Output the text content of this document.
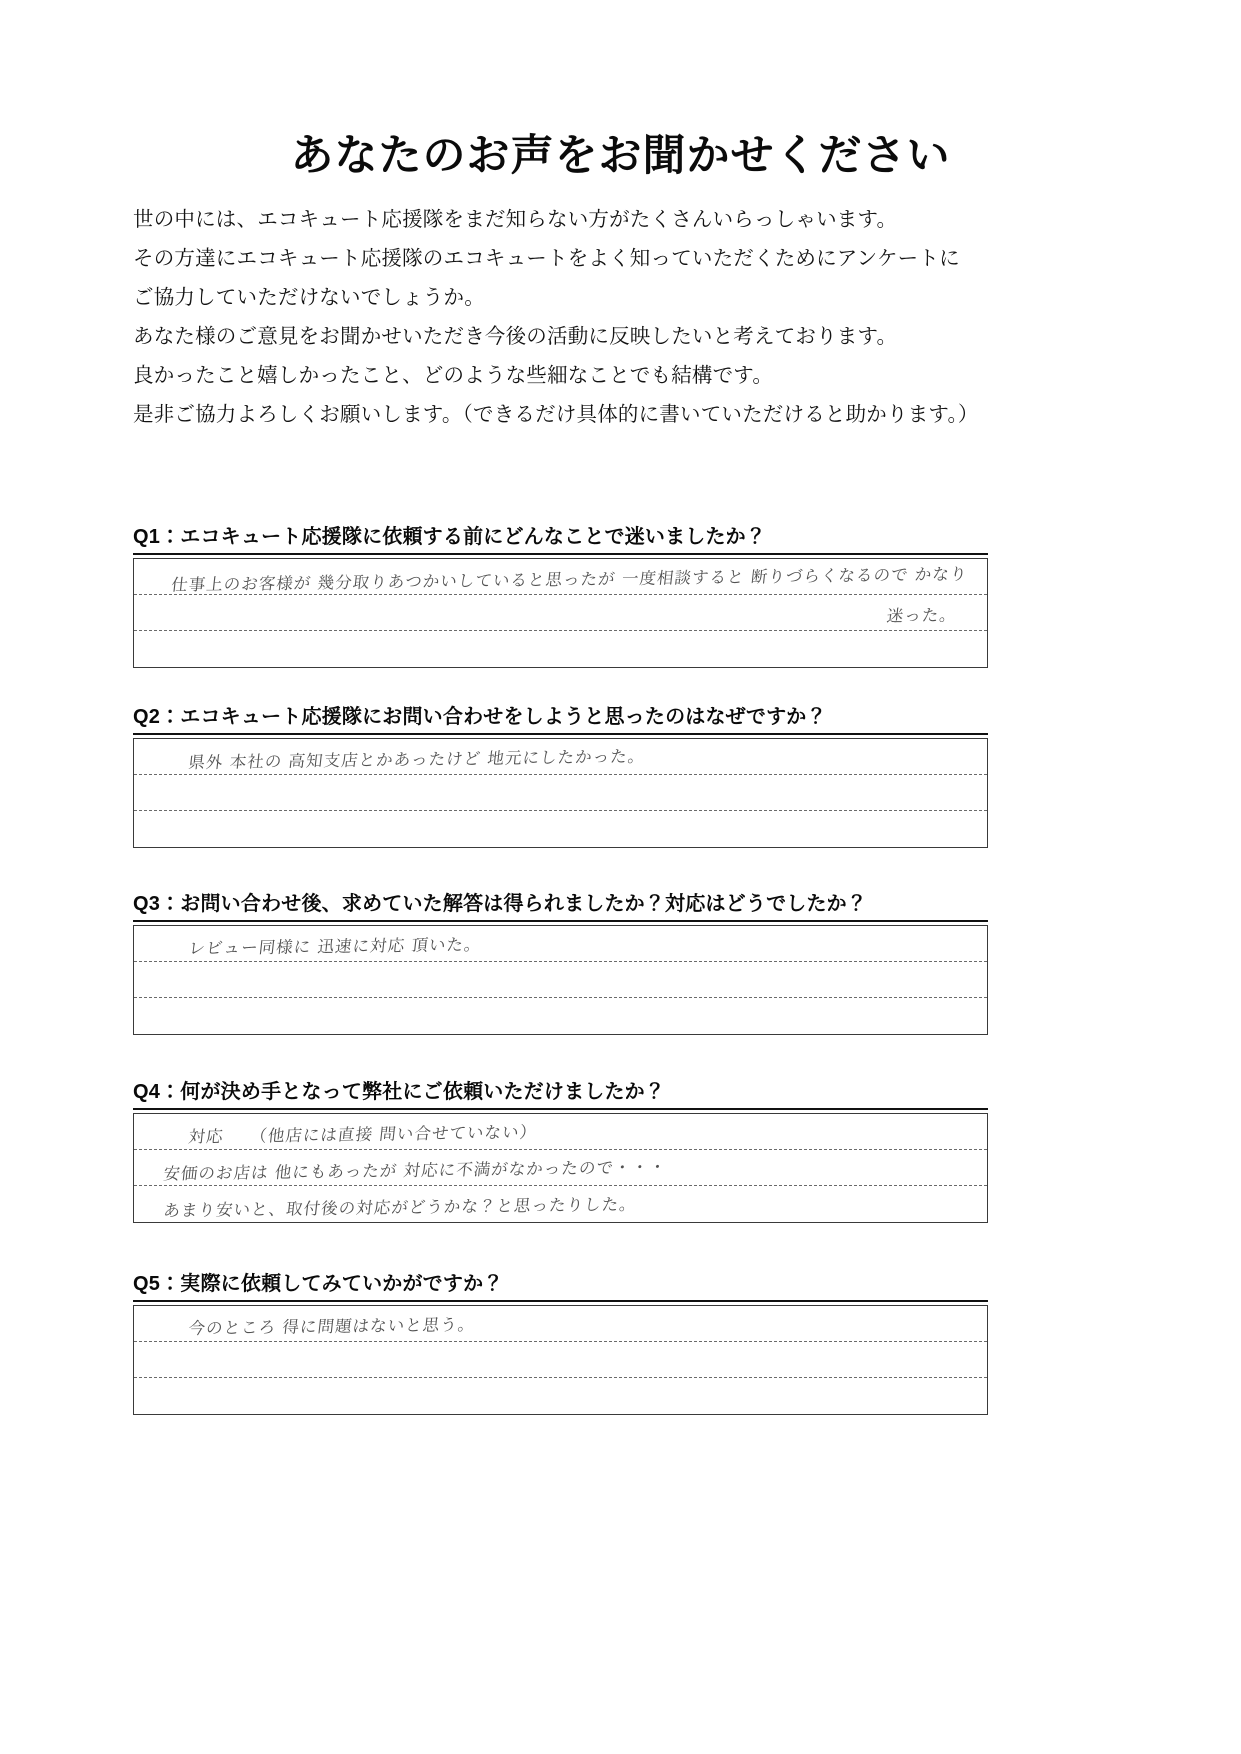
あなたのお声をお聞かせください
世の中には、エコキュート応援隊をまだ知らない方がたくさんいらっしゃいます。
その方達にエコキュート応援隊のエコキュートをよく知っていただくためにアンケートに
ご協力していただけないでしょうか。
あなた様のご意見をお聞かせいただき今後の活動に反映したいと考えております。
良かったこと嬉しかったこと、どのような些細なことでも結構です。
是非ご協力よろしくお願いします。（できるだけ具体的に書いていただけると助かります。）
Q1：エコキュート応援隊に依頼する前にどんなことで迷いましたか？
仕事上のお客様が 幾分取りあつかいしていると思ったが 一度相談すると 断りづらくなるので かなり
迷った。
Q2：エコキュート応援隊にお問い合わせをしようと思ったのはなぜですか？
県外 本社の 高知支店とかあったけど 地元にしたかった。
Q3：お問い合わせ後、求めていた解答は得られましたか？対応はどうでしたか？
レビュー同様に 迅速に対応 頂いた。
Q4：何が決め手となって弊社にご依頼いただけましたか？
対応　　（他店には直接 問い合せていない）
安価のお店は 他にもあったが 対応に不満がなかったので・・・
あまり安いと、取付後の対応がどうかな？と思ったりした。
Q5：実際に依頼してみていかがですか？
今のところ 得に問題はないと思う。
